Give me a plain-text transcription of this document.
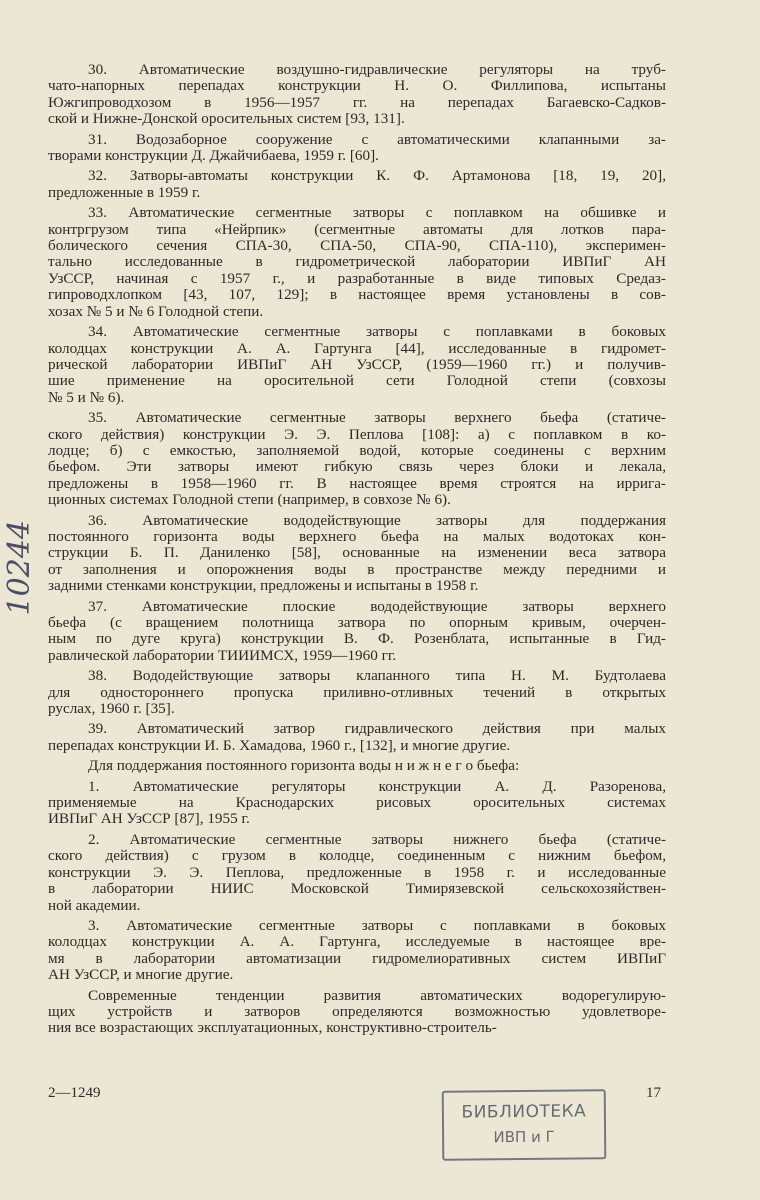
30. Автоматические воздушно-гидравлические регуляторы на труб-
чато-напорных перепадах конструкции Н. О. Филлипова, испытаны
Южгипроводхозом в 1956—1957 гг. на перепадах Багаевско-Садков-
ской и Нижне-Донской оросительных систем [93, 131].
31. Водозаборное сооружение с автоматическими клапанными за-
творами конструкции Д. Джайчибаева, 1959 г. [60].
32. Затворы-автоматы конструкции К. Ф. Артамонова [18, 19, 20],
предложенные в 1959 г.
33. Автоматические сегментные затворы с поплавком на обшивке и
контргрузом типа «Нейрпик» (сегментные автоматы для лотков пара-
болического сечения СПА-30, СПА-50, СПА-90, СПА-110), эксперимен-
тально исследованные в гидрометрической лаборатории ИВПиГ АН
УзССР, начиная с 1957 г., и разработанные в виде типовых Средаз-
гипроводхлопком [43, 107, 129]; в настоящее время установлены в сов-
хозах № 5 и № 6 Голодной степи.
34. Автоматические сегментные затворы с поплавками в боковых
колодцах конструкции А. А. Гартунга [44], исследованные в гидромет-
рической лаборатории ИВПиГ АН УзССР, (1959—1960 гг.) и получив-
шие применение на оросительной сети Голодной степи (совхозы
№ 5 и № 6).
35. Автоматические сегментные затворы верхнего бьефа (статиче-
ского действия) конструкции Э. Э. Пеплова [108]: а) с поплавком в ко-
лодце; б) с емкостью, заполняемой водой, которые соединены с верхним
бьефом. Эти затворы имеют гибкую связь через блоки и лекала,
предложены в 1958—1960 гг. В настоящее время строятся на ирригa-
ционных системах Голодной степи (например, в совхозе № 6).
36. Автоматические вододействующие затворы для поддержания
постоянного горизонта воды верхнего бьефа на малых водотоках кон-
струкции Б. П. Даниленко [58], основанные на изменении веса затвора
от заполнения и опорожнения воды в пространстве между передними и
задними стенками конструкции, предложены и испытаны в 1958 г.
37. Автоматические плоские вододействующие затворы верхнего
бьефа (с вращением полотнища затвора по опорным кривым, очерчен-
ным по дуге круга) конструкции В. Ф. Розенблата, испытанные в Гид-
равлической лаборатории ТИИИМСХ, 1959—1960 гг.
38. Вододействующие затворы клапанного типа Н. М. Будтолаева
для одностороннего пропуска приливно-отливных течений в открытых
руслах, 1960 г. [35].
39. Автоматический затвор гидравлического действия при малых
перепадах конструкции И. Б. Хамадова, 1960 г., [132], и многие другие.
Для поддержания постоянного горизонта воды н и ж н е г о бьефа:
1. Автоматические регуляторы конструкции А. Д. Разоренова,
применяемые на Краснодарских рисовых оросительных системах
ИВПиГ АН УзССР [87], 1955 г.
2. Автоматические сегментные затворы нижнего бьефа (статиче-
ского действия) с грузом в колодце, соединенным с нижним бьефом,
конструкции Э. Э. Пеплова, предложенные в 1958 г. и исследованные
в лаборатории НИИС Московской Тимирязевской сельскохозяйствен-
ной академии.
3. Автоматические сегментные затворы с поплавками в боковых
колодцах конструкции А. А. Гартунга, исследуемые в настоящее вре-
мя в лаборатории автоматизации гидромелиоративных систем ИВПиГ
АН УзССР, и многие другие.
Современные тенденции развития автоматических водорегулирую-
щих устройств и затворов определяются возможностью удовлетворе-
ния все возрастающих эксплуатационных, конструктивно-строитель-
10244
2—1249	17
БИБЛИОТЕКА
ИВП и Г
